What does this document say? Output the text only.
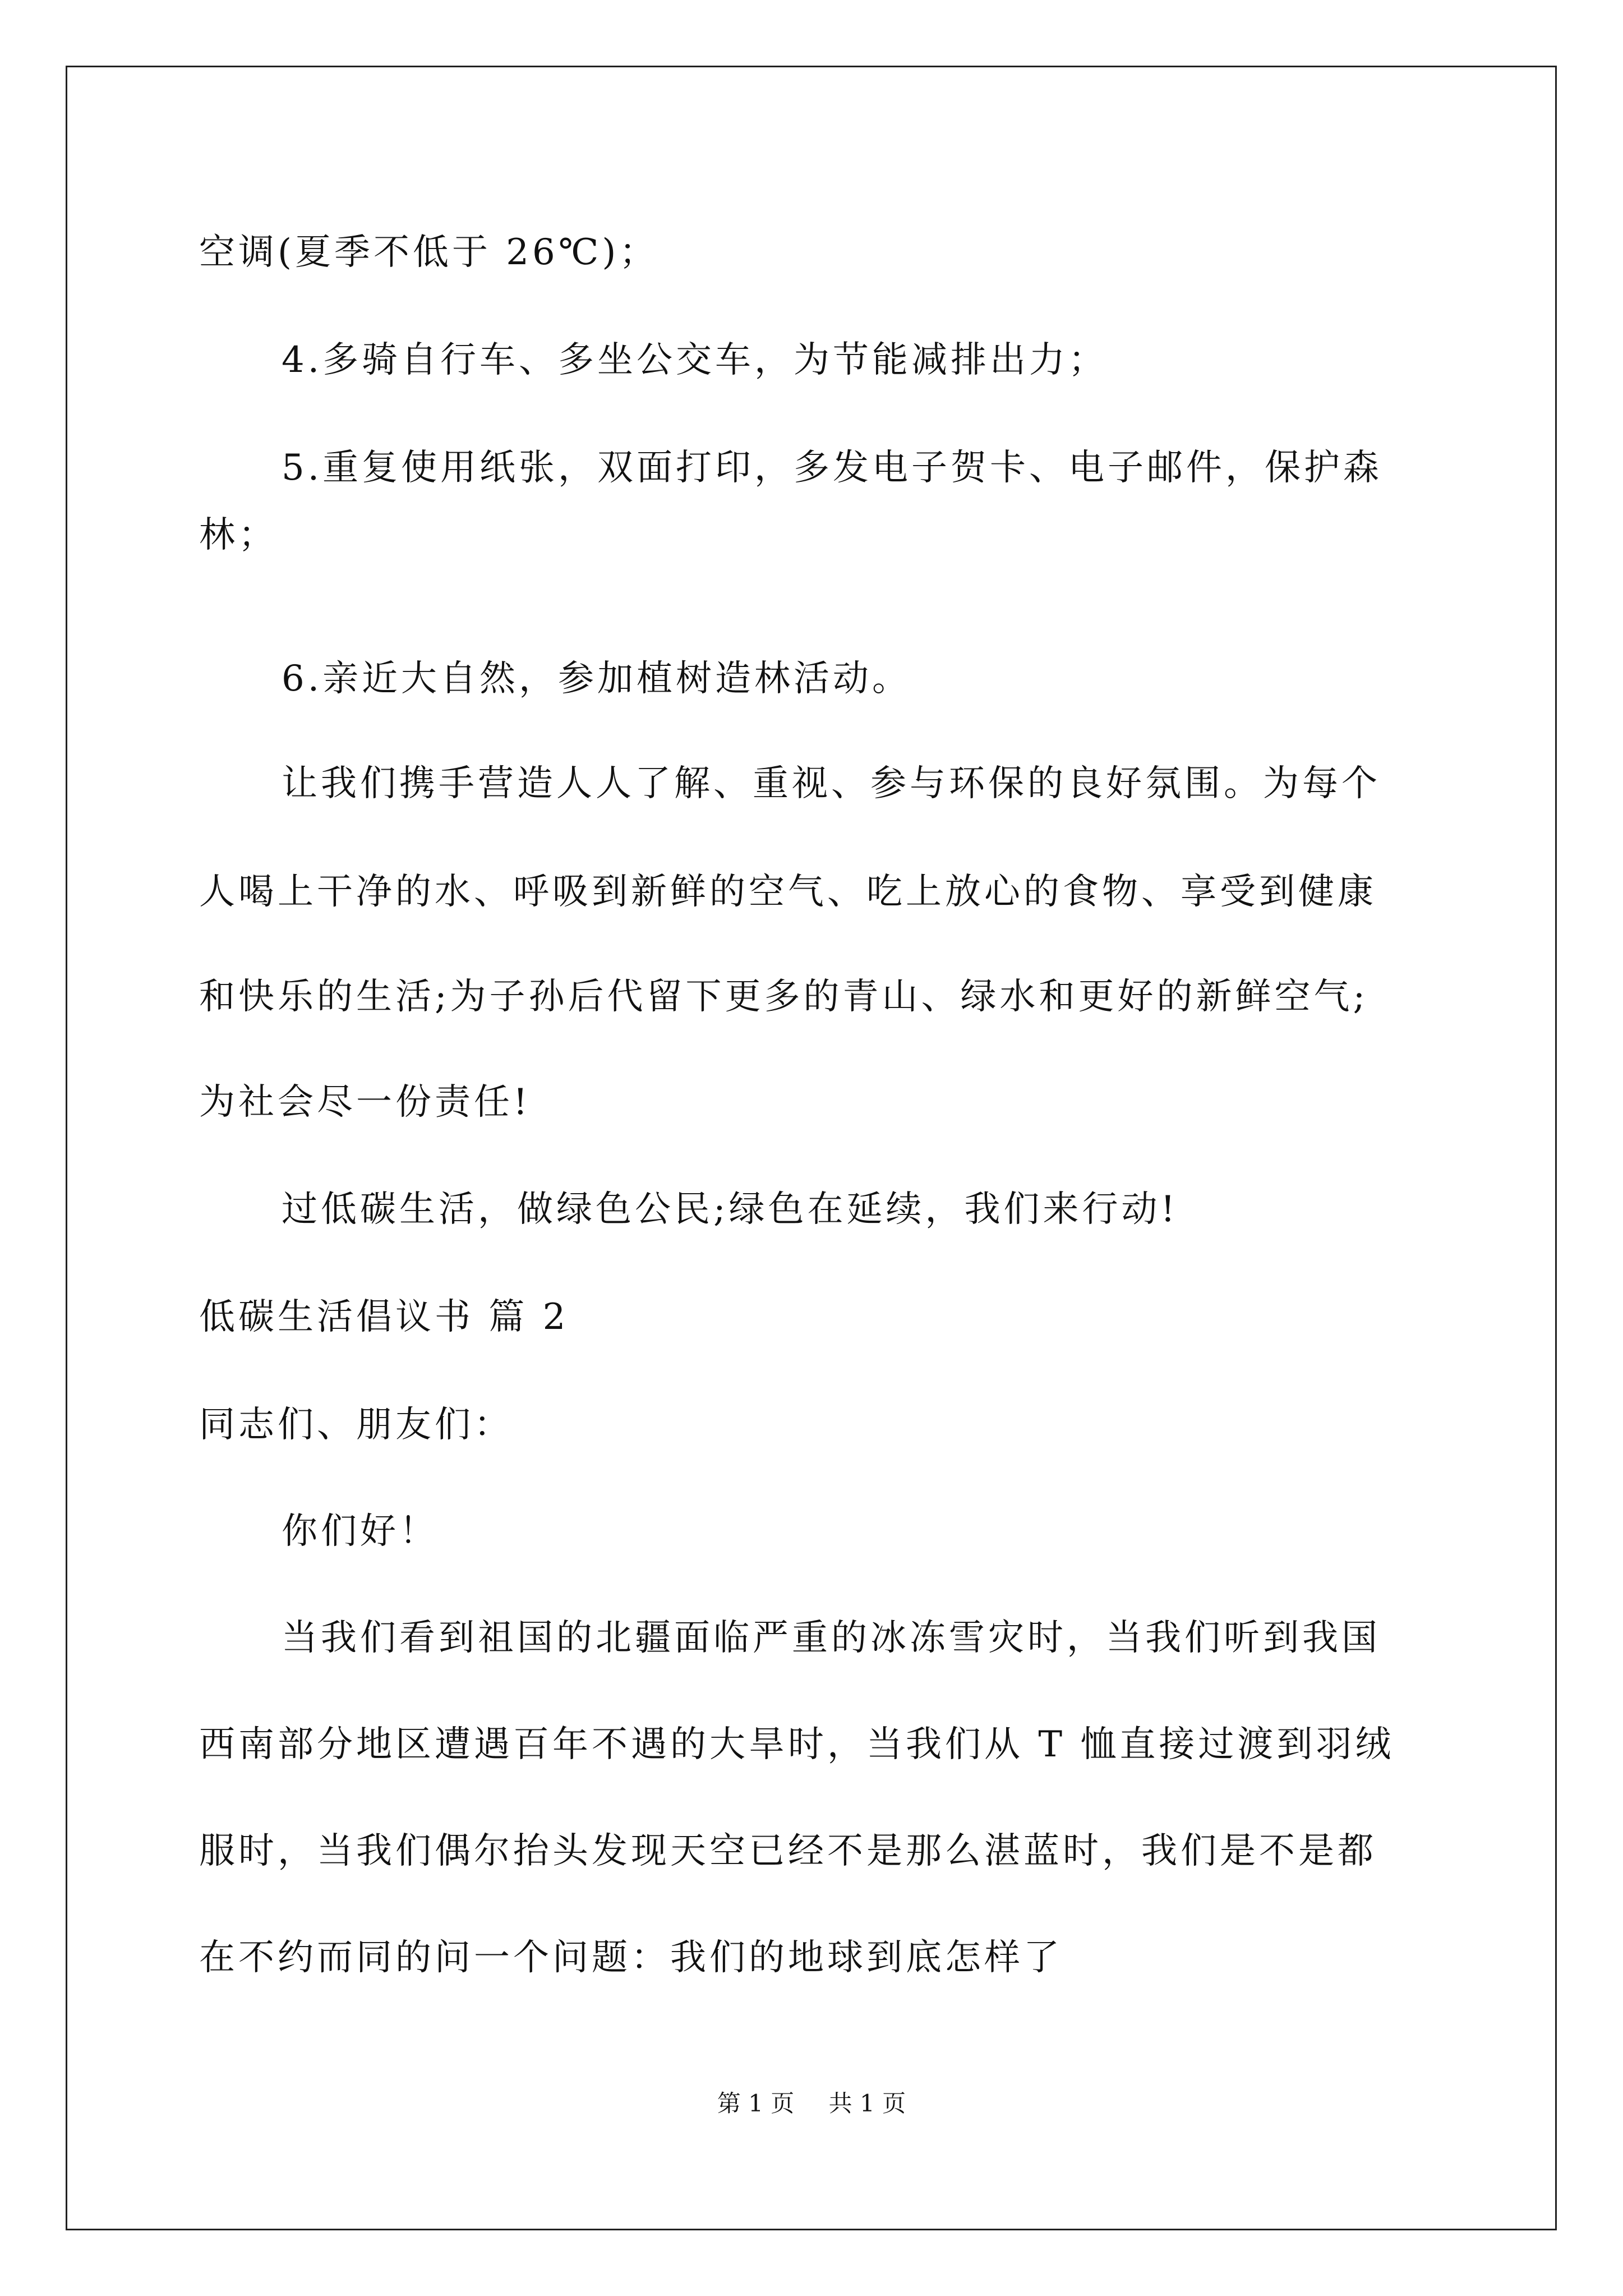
空调(夏季不低于 26℃)；
4.多骑自行车、多坐公交车，为节能减排出力；
5.重复使用纸张，双面打印，多发电子贺卡、电子邮件，保护森
林；
6.亲近大自然，参加植树造林活动。
让我们携手营造人人了解、重视、参与环保的良好氛围。为每个
人喝上干净的水、呼吸到新鲜的空气、吃上放心的食物、享受到健康
和快乐的生活;为子孙后代留下更多的青山、绿水和更好的新鲜空气;
为社会尽一份责任!
过低碳生活，做绿色公民;绿色在延续，我们来行动!
低碳生活倡议书 篇 2
同志们、朋友们：
你们好！
当我们看到祖国的北疆面临严重的冰冻雪灾时，当我们听到我国
西南部分地区遭遇百年不遇的大旱时，当我们从 T 恤直接过渡到羽绒
服时，当我们偶尔抬头发现天空已经不是那么湛蓝时，我们是不是都
在不约而同的问一个问题：我们的地球到底怎样了
第 1 页 共 1 页
